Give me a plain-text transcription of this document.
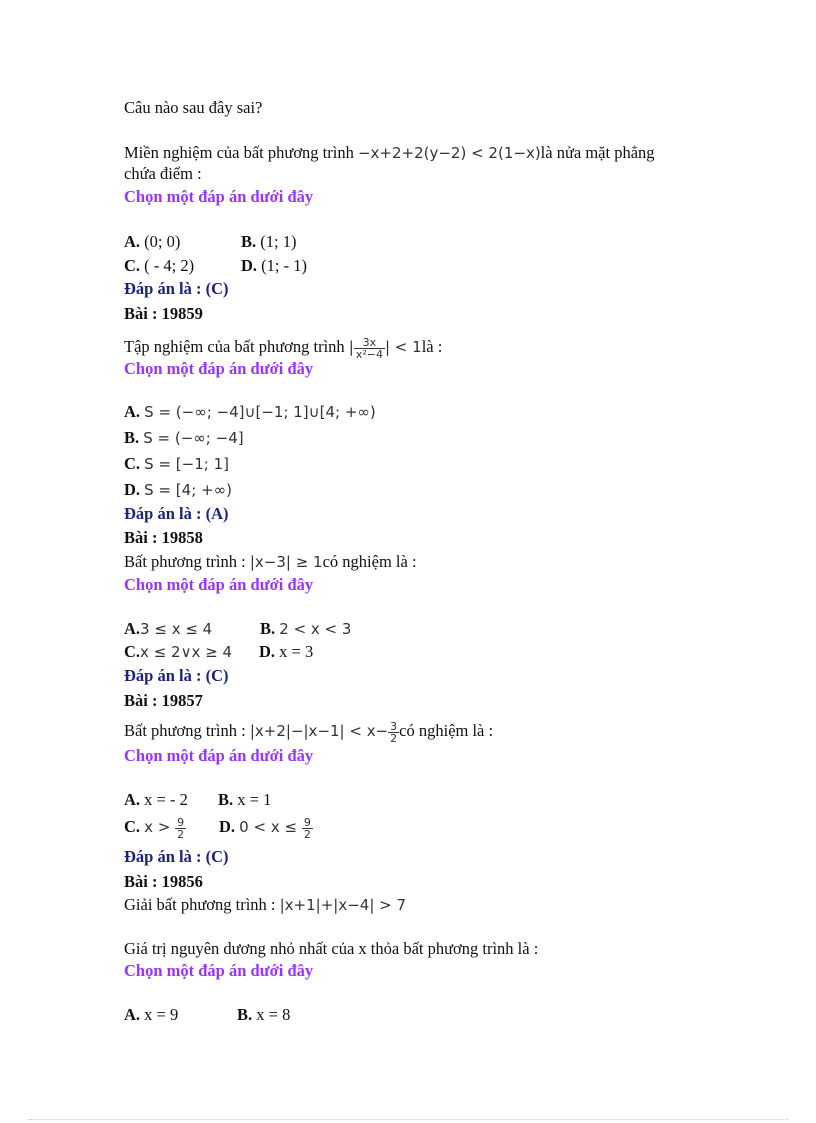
Câu nào sau đây sai?
Miền nghiệm của bất phương trình −x+2+2(y−2) < 2(1−x)là nửa mặt phẳng
chứa điểm :
Chọn một đáp án dưới đây
A. (0; 0)	B. (1; 1)
C. ( - 4; 2)	D. (1; - 1)
Đáp án là : (C)
Bài : 19859
Tập nghiệm của bất phương trình | $\frac{3x}{\text{x²−4}}$ | < 1là :
Chọn một đáp án dưới đây
A. S = (−∞; −4]∪[−1; 1]∪[4; +∞)
B. S = (−∞; −4]
C. S = [−1; 1]
D. S = [4; +∞)
Đáp án là : (A)
Bài : 19858
Bất phương trình : |x−3| ≥ 1có nghiệm là :
Chọn một đáp án dưới đây
A.3 ≤ x ≤ 4	B. 2 < x < 3
C.x ≤ 2∨x ≥ 4 D. x = 3
Đáp án là : (C)
Bài : 19857
Bất phương trình : $|x+2|-|x-1| < x- \frac{3}{2}$ có nghiệm là :
Chọn một đáp án dưới đây
A. x = - 2 B. x = 1
C. $x > \frac{9}{2} D$. $0 < x \le \frac{9}{2}$
Đáp án là : (C)
Bài : 19856
Giải bất phương trình : |x+1|+|x−4| > 7
Giá trị nguyên dương nhỏ nhất của x thỏa bất phương trình là :
Chọn một đáp án dưới đây
A. x = 9	B. x = 8
